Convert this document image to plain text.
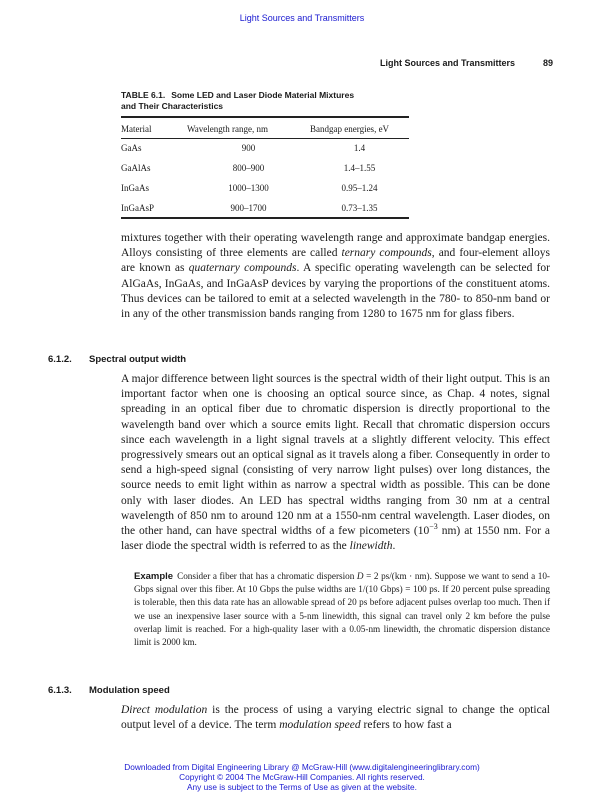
Light Sources and Transmitters
Light Sources and Transmitters	89
TABLE 6.1. Some LED and Laser Diode Material Mixtures
and Their Characteristics
Material	Wavelength range, nm	Bandgap energies, eV
GaAs	900	1.4
GaAlAs	800–900	1.4–1.55
InGaAs	1000–1300	0.95–1.24
InGaAsP	900–1700	0.73–1.35

mixtures together with their operating wavelength range and approximate bandgap energies. Alloys consisting of three elements are called ternary compounds, and four-element alloys are known as quaternary compounds. A specific operating wavelength can be selected for AlGaAs, InGaAs, and InGaAsP devices by varying the proportions of the constituent atoms. Thus devices can be tailored to emit at a selected wavelength in the 780- to 850-nm band or in any of the other transmission bands ranging from 1280 to 1675 nm for glass fibers.

6.1.2. Spectral output width

A major difference between light sources is the spectral width of their light output. This is an important factor when one is choosing an optical source since, as Chap. 4 notes, signal spreading in an optical fiber due to chromatic dispersion is directly proportional to the wavelength band over which a source emits light. Recall that chromatic dispersion occurs since each wavelength in a light signal travels at a slightly different velocity. This effect progressively smears out an optical signal as it travels along a fiber. Consequently in order to send a high-speed signal (consisting of very narrow light pulses) over long distances, the source needs to emit light within as narrow a spectral width as possible. This can be done only with laser diodes. An LED has spectral widths ranging from 30 nm at a central wavelength of 850 nm to around 120 nm at a 1550-nm central wavelength. Laser diodes, on the other hand, can have spectral widths of a few picometers ($10^{-3}$ nm) at 1550 nm. For a laser diode the spectral width is referred to as the linewidth.

Example Consider a fiber that has a chromatic dispersion D = 2 ps/(km · nm). Suppose we want to send a 10-Gbps signal over this fiber. At 10 Gbps the pulse widths are 1/(10 Gbps) = 100 ps. If 20 percent pulse spreading is tolerable, then this data rate has an allowable spread of 20 ps before adjacent pulses overlap too much. Then if we use an inexpensive laser source with a 5-nm linewidth, this signal can travel only 2 km before the pulse overlap limit is reached. For a high-quality laser with a 0.05-nm linewidth, the chromatic dispersion distance limit is 2000 km.

6.1.3. Modulation speed

Direct modulation is the process of using a varying electric signal to change the optical output level of a device. The term modulation speed refers to how fast a

Downloaded from Digital Engineering Library @ McGraw-Hill (www.digitalengineeringlibrary.com)
Copyright © 2004 The McGraw-Hill Companies. All rights reserved.
Any use is subject to the Terms of Use as given at the website.
